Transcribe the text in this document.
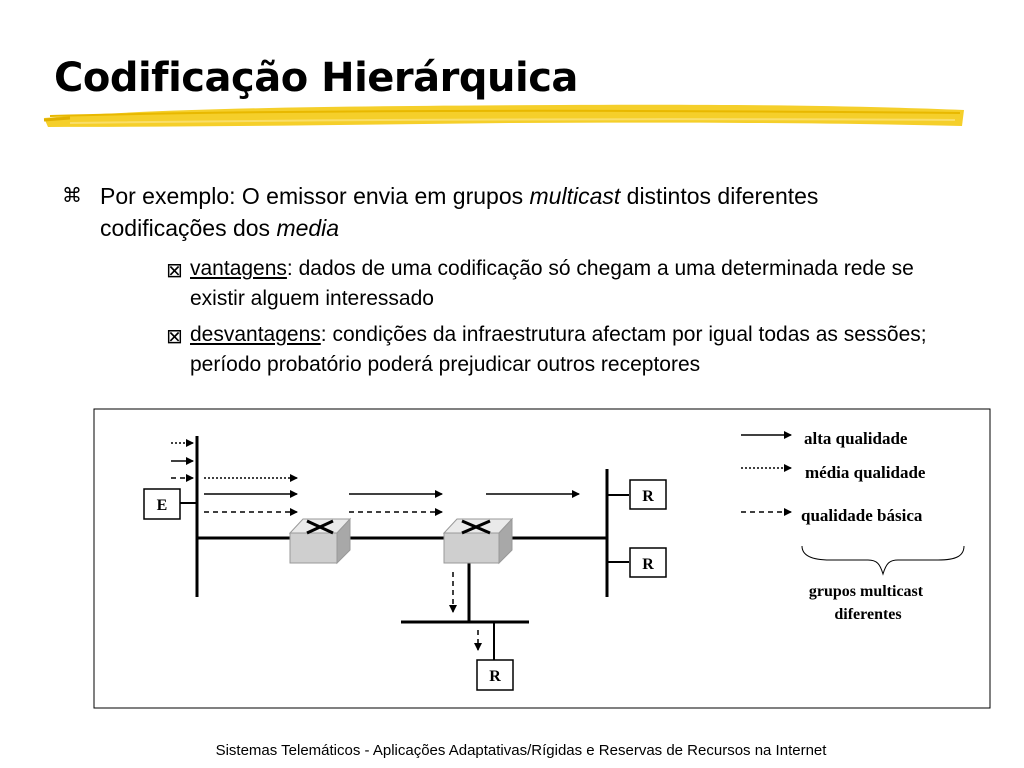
Codificação Hierárquica
⌘ Por exemplo: O emissor envia em grupos multicast distintos diferentes codificações dos media
⊠ vantagens: dados de uma codificação só chegam a uma determinada rede se existir alguem interessado
⊠ desvantagens: condições da infraestrutura afectam por igual todas as sessões; período probatório poderá prejudicar outros receptores
E
R
R
R
alta qualidade
média qualidade
qualidade básica
grupos multicast
diferentes
Sistemas Telemáticos - Aplicações Adaptativas/Rígidas e Reservas de Recursos na Internet
